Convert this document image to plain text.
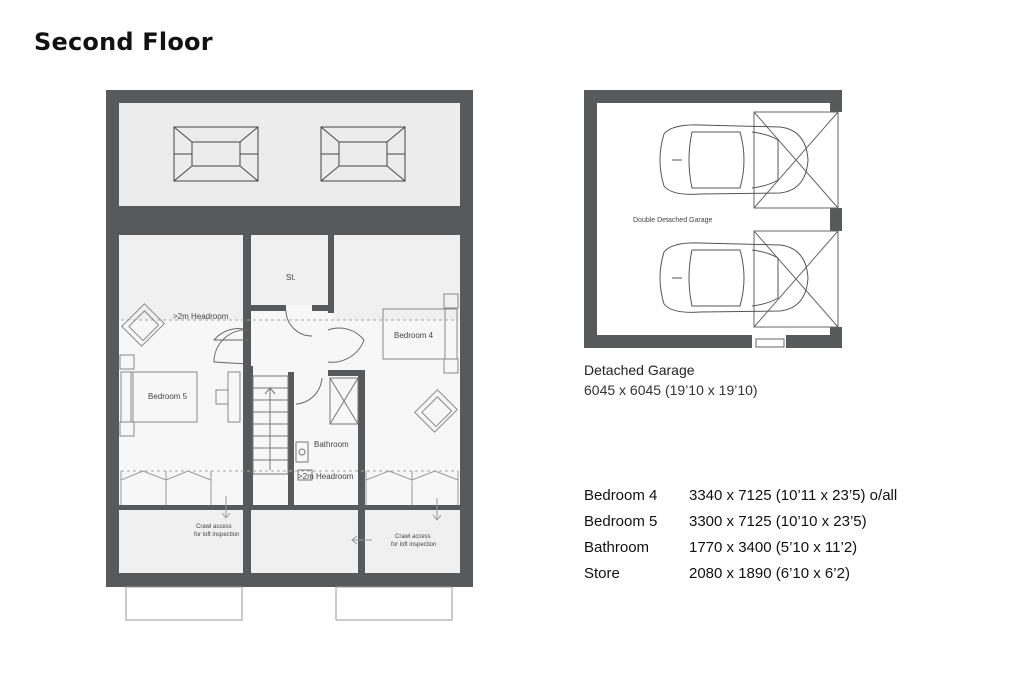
Second Floor
>2m Headroom
>2m Headroom
St.
Bedroom 4
Bedroom 5
Bathroom
Crawl access
for loft inspection	Crawl access
for loft inspection
Double Detached Garage
Detached Garage
6045 x 6045 (19’10 x 19’10)
Bedroom 4 3340 x 7125 (10’11 x 23’5) o/all
Bedroom 5 3300 x 7125 (10’10 x 23’5)
Bathroom	1770 x 3400 (5’10 x 11’2)
Store	2080 x 1890 (6’10 x 6’2)
